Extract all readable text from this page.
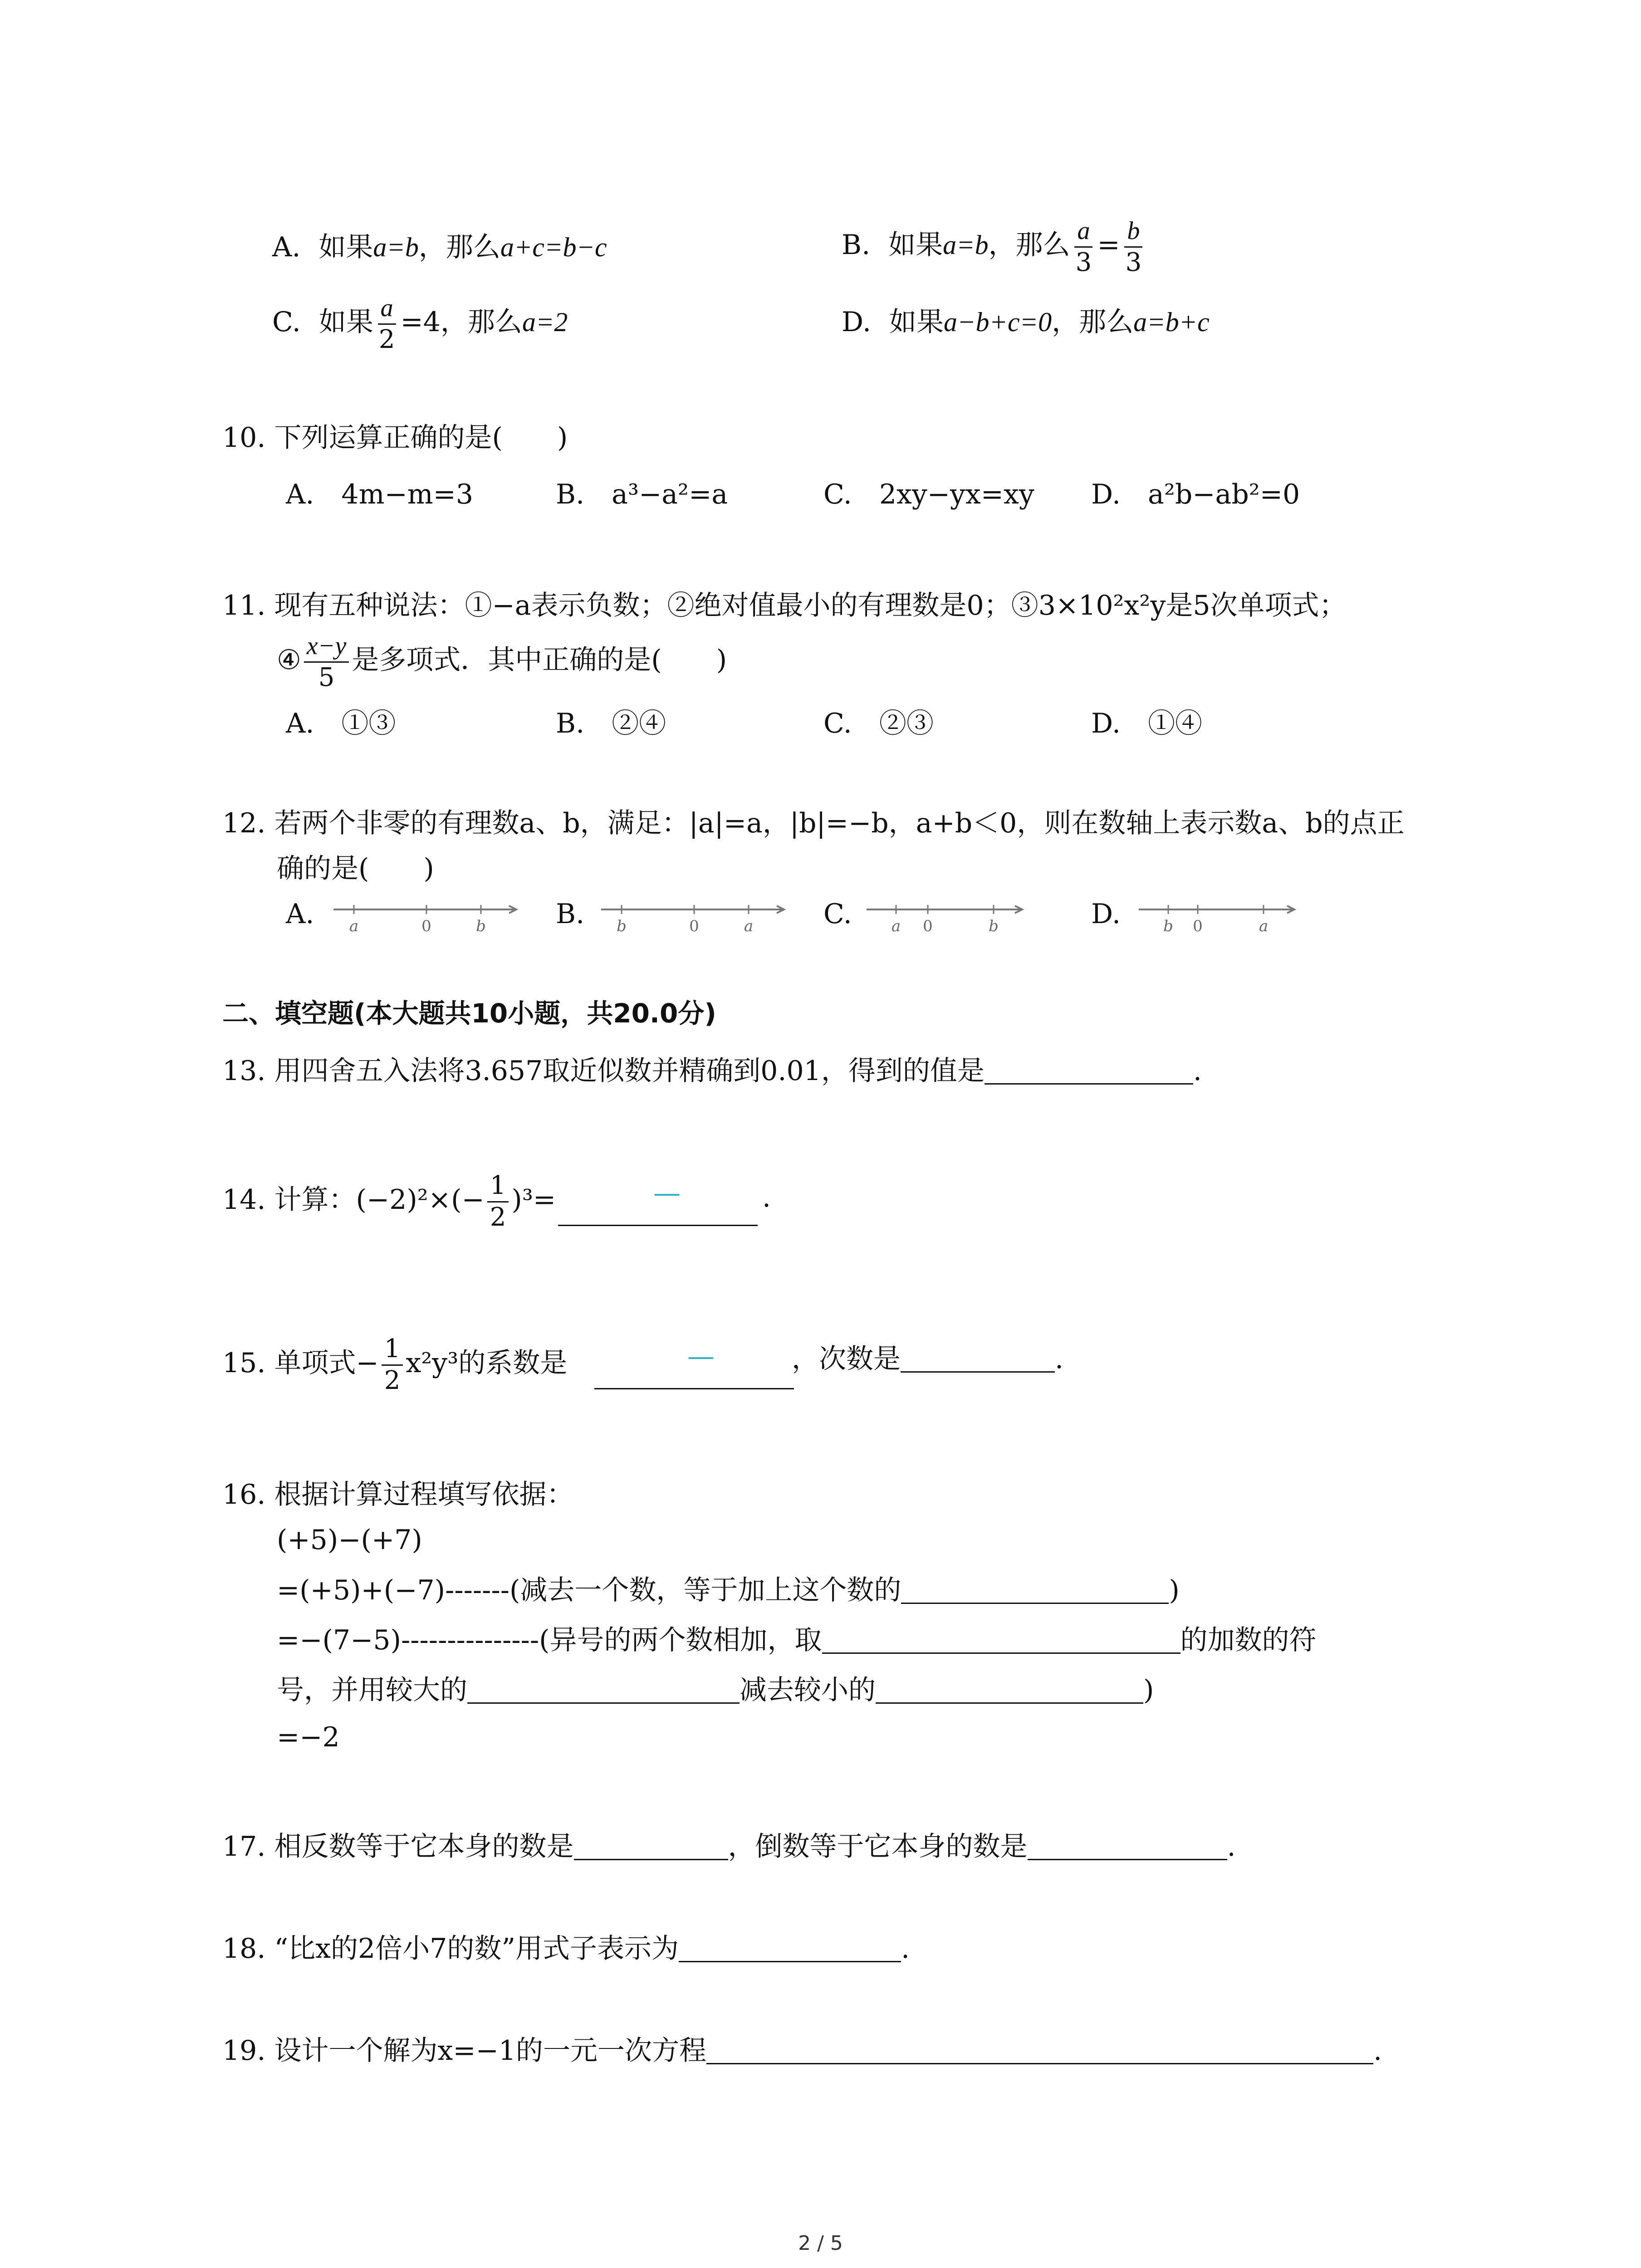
A. 如果a=b，那么a+c=b−c	B. 如果a=b，那么 $\frac{a}{3} = \frac{b}{3}$
C. 如果 $\frac{a}{2} =4$，那么a=2	D. 如果a−b+c=0，那么a=b+c
10. 下列运算正确的是(　　)
A.　 4m−m=3	B.　 a³−a²=a	C.　 2xy−yx=xy D.　 a²b−ab²=0
11. 现有五种说法：①−a表示负数；②绝对值最小的有理数是0；③3×10²x²y是5次单项式；
④ $\frac{x-y}{5}$ 是多项式．其中正确的是(　　)
A.　 ①③	B.　 ②④	C.　 ②③	D.　 ①④
12. 若两个非零的有理数a、b，满足：|a|=a，|b|=−b，a+b＜0，则在数轴上表示数a、b的点正
确的是(　　)
A.	B.	C.	D.
a	0	b	b	0	a	a 0	b	b 0	a
二、填空题(本大题共10小题，共20.0分)
13. 用四舍五入法将3.657取近似数并精确到0.01，得到的值是	.
14. 计算：$(-2)^2\times(- \frac{1}{2} )^3=$	—	.
15. 单项式− $\frac{1}{2} x^2y^3$的系数是	—	，次数是	.
16. 根据计算过程填写依据：
(+5)−(+7)
=(+5)+(−7)-------(减去一个数，等于加上这个数的	)
=−(7−5)---------------(异号的两个数相加，取	的加数的符
号，并用较大的	减去较小的	)
=−2
17. 相反数等于它本身的数是	，倒数等于它本身的数是	.
18. “比x的2倍小7的数”用式子表示为	.
19. 设计一个解为x=−1的一元一次方程	.
2 / 5
